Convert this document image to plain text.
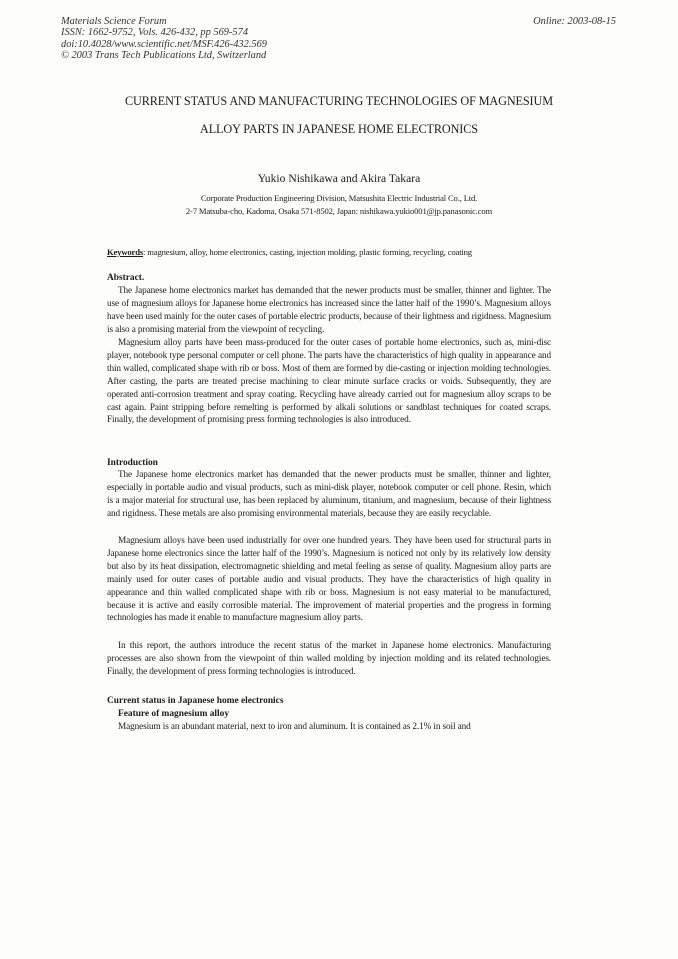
Materials Science Forum
ISSN: 1662-9752, Vols. 426-432, pp 569-574
doi:10.4028/www.scientific.net/MSF.426-432.569
© 2003 Trans Tech Publications Ltd, Switzerland
Online: 2003-08-15
CURRENT STATUS AND MANUFACTURING TECHNOLOGIES OF MAGNESIUM
ALLOY PARTS IN JAPANESE HOME ELECTRONICS
Yukio Nishikawa and Akira Takara
Corporate Production Engineering Division, Matsushita Electric Industrial Co., Ltd.
2-7 Matsuba-cho, Kadoma, Osaka 571-8502, Japan: nishikawa.yukio001@jp.panasonic.com
Keywords: magnesium, alloy, home electronics, casting, injection molding, plastic forming, recycling, coating
Abstract.
The Japanese home electronics market has demanded that the newer products must be smaller, thinner and lighter. The use of magnesium alloys for Japanese home electronics has increased since the latter half of the 1990’s. Magnesium alloys have been used mainly for the outer cases of portable electric products, because of their lightness and rigidness. Magnesium is also a promising material from the viewpoint of recycling.
Magnesium alloy parts have been mass-produced for the outer cases of portable home electronics, such as, mini-disc player, notebook type personal computer or cell phone. The parts have the characteristics of high quality in appearance and thin walled, complicated shape with rib or boss. Most of them are formed by die-casting or injection molding technologies. After casting, the parts are treated precise machining to clear minute surface cracks or voids. Subsequently, they are operated anti-corrosion treatment and spray coating. Recycling have already carried out for magnesium alloy scraps to be cast again. Paint stripping before remelting is performed by alkali solutions or sandblast techniques for coated scraps. Finally, the development of promising press forming technologies is also introduced.
Introduction
The Japanese home electronics market has demanded that the newer products must be smaller, thinner and lighter, especially in portable audio and visual products, such as mini-disk player, notebook computer or cell phone. Resin, which is a major material for structural use, has been replaced by aluminum, titanium, and magnesium, because of their lightness and rigidness. These metals are also promising environmental materials, because they are easily recyclable.
Magnesium alloys have been used industrially for over one hundred years. They have been used for structural parts in Japanese home electronics since the latter half of the 1990’s. Magnesium is noticed not only by its relatively low density but also by its heat dissipation, electromagnetic shielding and metal feeling as sense of quality. Magnesium alloy parts are mainly used for outer cases of portable audio and visual products. They have the characteristics of high quality in appearance and thin walled complicated shape with rib or boss. Magnesium is not easy material to be manufactured, because it is active and easily corrosible material. The improvement of material properties and the progress in forming technologies has made it enable to manufacture magnesium alloy parts.
In this report, the authors introduce the recent status of the market in Japanese home electronics. Manufacturing processes are also shown from the viewpoint of thin walled molding by injection molding and its related technologies. Finally, the development of press forming technologies is introduced.
Current status in Japanese home electronics
Feature of magnesium alloy
Magnesium is an abundant material, next to iron and aluminum. It is contained as 2.1% in soil and
